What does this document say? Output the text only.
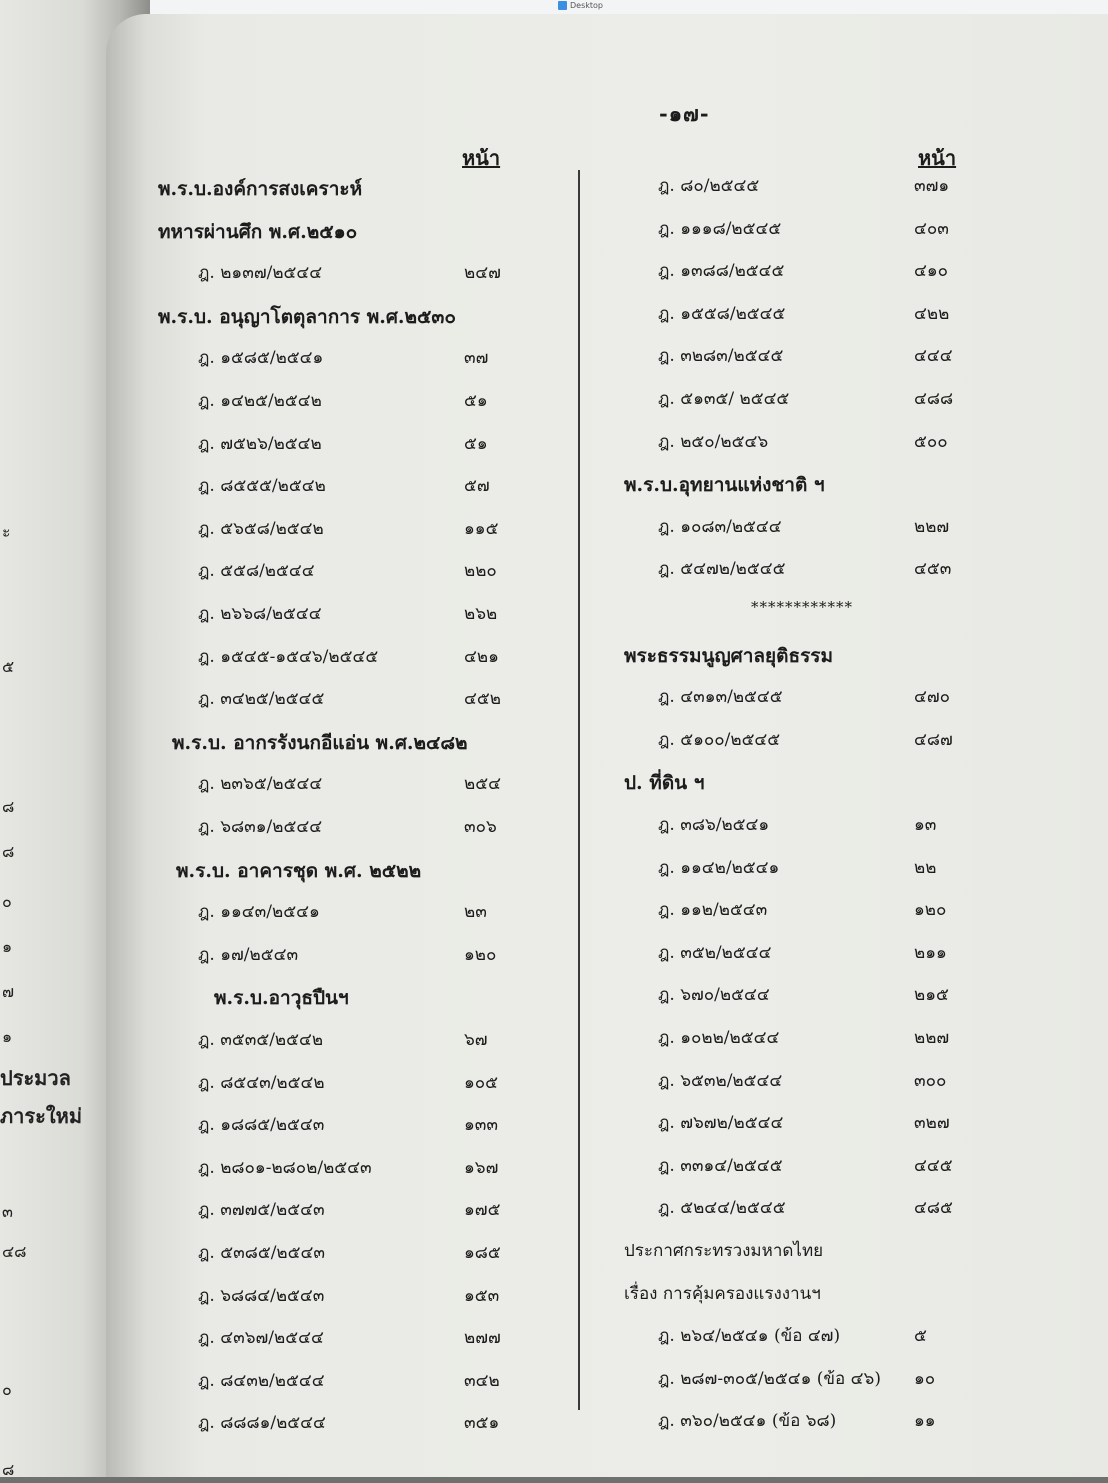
Desktop
ะ
๕
๘
๘
๐
๑
๗
๑
ประมวล
ภาระใหม่
๓
๔๘
๐
๘
-๑๗-
หน้า	หน้า
พ.ร.บ.องค์การสงเคราะห์
ทหารผ่านศึก พ.ศ.๒๕๑๐
ฎ. ๒๑๓๗/๒๕๔๔	๒๔๗
พ.ร.บ. อนุญาโตตุลาการ พ.ศ.๒๕๓๐
ฎ. ๑๕๘๕/๒๕๔๑	๓๗
ฎ. ๑๔๒๕/๒๕๔๒	๕๑
ฎ. ๗๕๒๖/๒๕๔๒	๕๑
ฎ. ๘๕๕๕/๒๕๔๒	๕๗
ฎ. ๕๖๕๘/๒๕๔๒	๑๑๕
ฎ. ๕๕๘/๒๕๔๔	๒๒๐
ฎ. ๒๖๖๘/๒๕๔๔	๒๖๒
ฎ. ๑๕๔๕-๑๕๔๖/๒๕๔๕	๔๒๑
ฎ. ๓๔๒๕/๒๕๔๕	๔๕๒
พ.ร.บ. อากรรังนกอีแอ่น พ.ศ.๒๔๘๒
ฎ. ๒๓๖๕/๒๕๔๔	๒๕๔
ฎ. ๖๘๓๑/๒๕๔๔	๓๐๖
พ.ร.บ. อาคารชุด พ.ศ. ๒๕๒๒
ฎ. ๑๑๔๓/๒๕๔๑	๒๓
ฎ. ๑๗/๒๕๔๓	๑๒๐
พ.ร.บ.อาวุธปืนฯ
ฎ. ๓๕๓๕/๒๕๔๒	๖๗
ฎ. ๘๕๔๓/๒๕๔๒	๑๐๕
ฎ. ๑๘๘๕/๒๕๔๓	๑๓๓
ฎ. ๒๘๐๑-๒๘๐๒/๒๕๔๓	๑๖๗
ฎ. ๓๗๗๕/๒๕๔๓	๑๗๕
ฎ. ๕๓๘๕/๒๕๔๓	๑๘๕
ฎ. ๖๘๘๔/๒๕๔๓	๑๕๓
ฎ. ๔๓๖๗/๒๕๔๔	๒๗๗
ฎ. ๘๔๓๒/๒๕๔๔	๓๔๒
ฎ. ๘๘๘๑/๒๕๔๔	๓๕๑
ฎ. ๘๐/๒๕๔๕	๓๗๑
ฎ. ๑๑๑๘/๒๕๔๕	๔๐๓
ฎ. ๑๓๘๘/๒๕๔๕	๔๑๐
ฎ. ๑๕๕๘/๒๕๔๕	๔๒๒
ฎ. ๓๒๘๓/๒๕๔๕	๔๔๔
ฎ. ๕๑๓๕/ ๒๕๔๕	๔๘๘
ฎ. ๒๕๐/๒๕๔๖	๕๐๐
พ.ร.บ.อุทยานแห่งชาติ ฯ
ฎ. ๑๐๘๓/๒๕๔๔	๒๒๗
ฎ. ๕๔๗๒/๒๕๔๕	๔๕๓
************
พระธรรมนูญศาลยุติธรรม
ฎ. ๔๓๑๓/๒๕๔๕	๔๗๐
ฎ. ๕๑๐๐/๒๕๔๕	๔๘๗
ป. ที่ดิน ฯ
ฎ. ๓๘๖/๒๕๔๑	๑๓
ฎ. ๑๑๔๒/๒๕๔๑	๒๒
ฎ. ๑๑๒/๒๕๔๓	๑๒๐
ฎ. ๓๕๒/๒๕๔๔	๒๑๑
ฎ. ๖๗๐/๒๕๔๔	๒๑๕
ฎ. ๑๐๒๒/๒๕๔๔	๒๒๗
ฎ. ๖๕๓๒/๒๕๔๔	๓๐๐
ฎ. ๗๖๗๒/๒๕๔๔	๓๒๗
ฎ. ๓๓๑๔/๒๕๔๕	๔๔๕
ฎ. ๕๒๔๔/๒๕๔๕	๔๘๕
ประกาศกระทรวงมหาดไทย
เรื่อง การคุ้มครองแรงงานฯ
ฎ. ๒๖๔/๒๕๔๑ (ข้อ ๔๗)	๕
ฎ. ๒๘๗-๓๐๕/๒๕๔๑ (ข้อ ๔๖) ๑๐
ฎ. ๓๖๐/๒๕๔๑ (ข้อ ๖๘)	๑๑
